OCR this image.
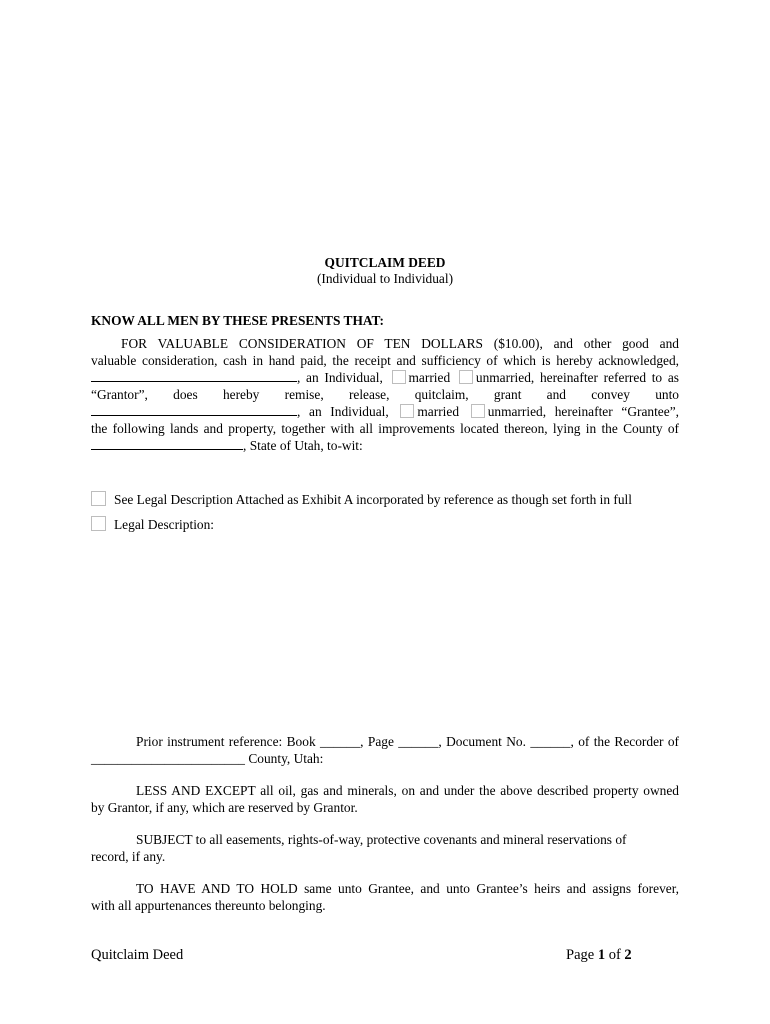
QUITCLAIM DEED
(Individual to Individual)
KNOW ALL MEN BY THESE PRESENTS THAT:
FOR VALUABLE CONSIDERATION OF TEN DOLLARS ($10.00), and other good and
valuable consideration, cash in hand paid, the receipt and sufficiency of which is hereby acknowledged,
, an Individual, married unmarried, hereinafter referred to as
“Grantor”, does hereby remise, release, quitclaim, grant and convey unto
, an Individual, married unmarried, hereinafter “Grantee”,
the following lands and property, together with all improvements located thereon, lying in the County of
, State of Utah, to-wit:
See Legal Description Attached as Exhibit A incorporated by reference as though set forth in full
Legal Description:
Prior instrument reference: Book ______, Page ______, Document No. ______, of the Recorder of
_______________________ County, Utah:
LESS AND EXCEPT all oil, gas and minerals, on and under the above described property owned
by Grantor, if any, which are reserved by Grantor.
SUBJECT to all easements, rights-of-way, protective covenants and mineral reservations of
record, if any.
TO HAVE AND TO HOLD same unto Grantee, and unto Grantee’s heirs and assigns forever,
with all appurtenances thereunto belonging.
Quitclaim Deed	Page 1 of 2
